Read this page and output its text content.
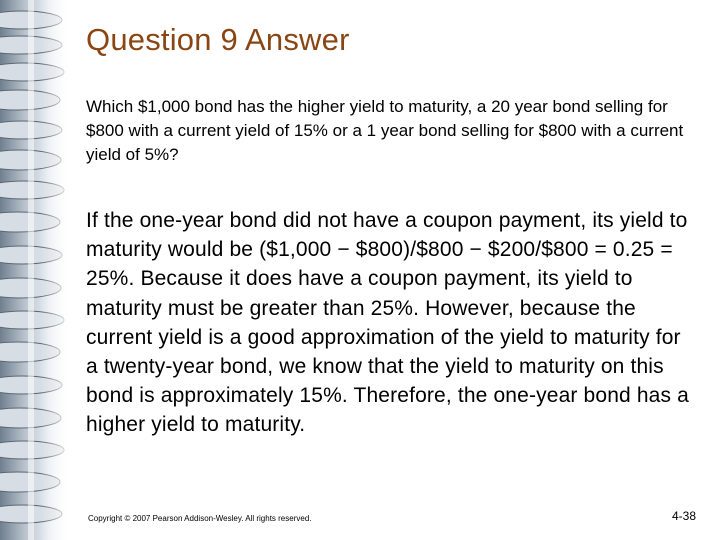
Question 9 Answer

Which $1,000 bond has the higher yield to maturity, a 20 year bond selling for $800 with a current yield of 15% or a 1 year bond selling for $800 with a current yield of 5%?

If the one-year bond did not have a coupon payment, its yield to maturity would be ($1,000 − $800)/$800 − $200/$800 = 0.25 = 25%. Because it does have a coupon payment, its yield to maturity must be greater than 25%. However, because the current yield is a good approximation of the yield to maturity for a twenty-year bond, we know that the yield to maturity on this bond is approximately 15%. Therefore, the one-year bond has a higher yield to maturity.

Copyright © 2007 Pearson Addison-Wesley. All rights reserved.	4-38
